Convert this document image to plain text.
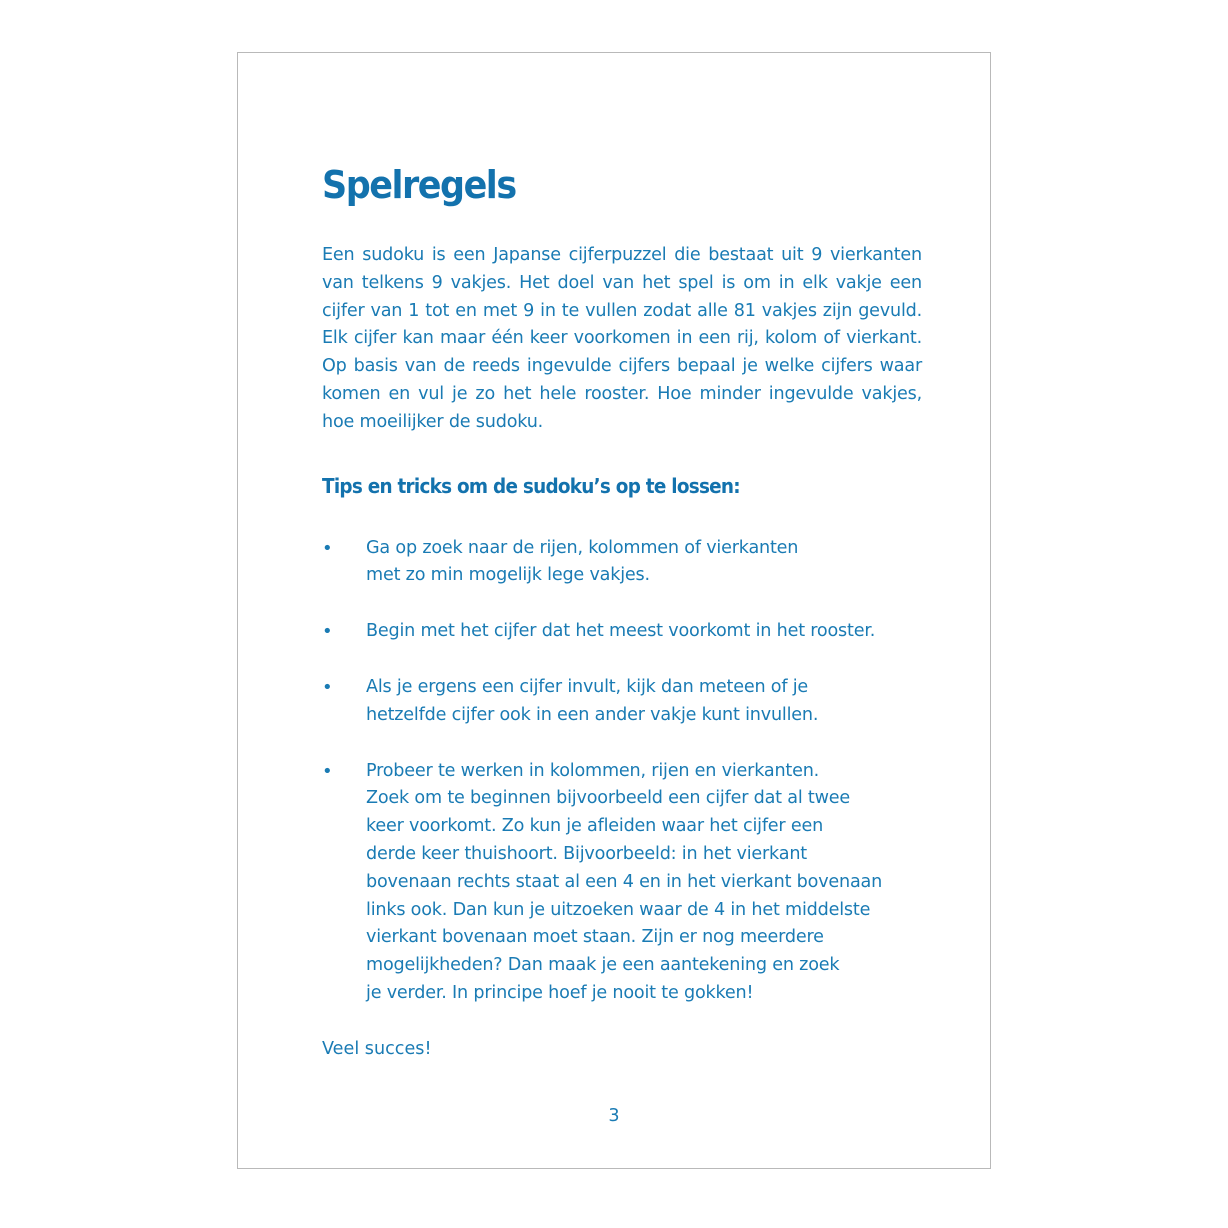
Spelregels

Een sudoku is een Japanse cijferpuzzel die bestaat uit 9 vierkanten van telkens 9 vakjes. Het doel van het spel is om in elk vakje een cijfer van 1 tot en met 9 in te vullen zodat alle 81 vakjes zijn gevuld. Elk cijfer kan maar één keer voorkomen in een rij, kolom of vierkant. Op basis van de reeds ingevulde cijfers bepaal je welke cijfers waar komen en vul je zo het hele rooster. Hoe minder ingevulde vakjes, hoe moeilijker de sudoku.

Tips en tricks om de sudoku’s op te lossen:
• Ga op zoek naar de rijen, kolommen of vierkanten
met zo min mogelijk lege vakjes.
• Begin met het cijfer dat het meest voorkomt in het rooster.
• Als je ergens een cijfer invult, kijk dan meteen of je
hetzelfde cijfer ook in een ander vakje kunt invullen.
• Probeer te werken in kolommen, rijen en vierkanten.
Zoek om te beginnen bijvoorbeeld een cijfer dat al twee
keer voorkomt. Zo kun je afleiden waar het cijfer een
derde keer thuishoort. Bijvoorbeeld: in het vierkant
bovenaan rechts staat al een 4 en in het vierkant bovenaan
links ook. Dan kun je uitzoeken waar de 4 in het middelste
vierkant bovenaan moet staan. Zijn er nog meerdere
mogelijkheden? Dan maak je een aantekening en zoek
je verder. In principe hoef je nooit te gokken!

Veel succes!

3
